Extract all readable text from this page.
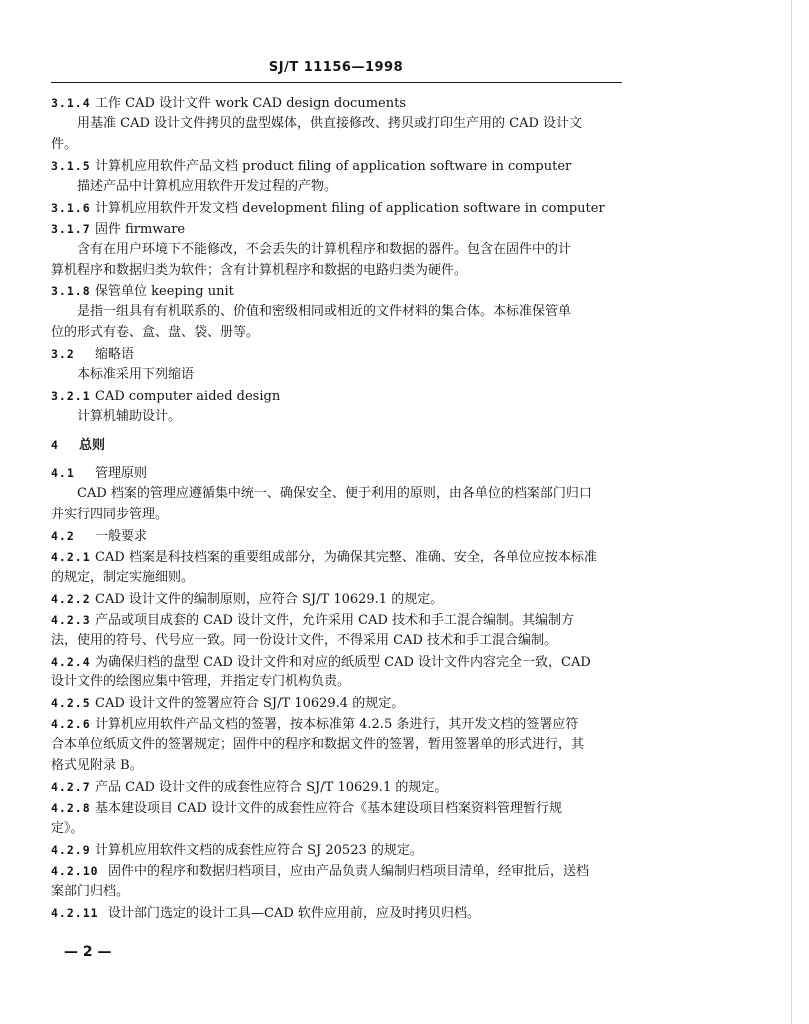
SJ/T 11156—1998
3.1.4 工作 CAD 设计文件 work CAD design documents
用基准 CAD 设计文件拷贝的盘型媒体，供直接修改、拷贝或打印生产用的 CAD 设计文
件。
3.1.5 计算机应用软件产品文档 product filing of application software in computer
描述产品中计算机应用软件开发过程的产物。
3.1.6 计算机应用软件开发文档 development filing of application software in computer
3.1.7 固件 firmware
含有在用户环境下不能修改，不会丢失的计算机程序和数据的器件。包含在固件中的计
算机程序和数据归类为软件；含有计算机程序和数据的电路归类为硬件。
3.1.8 保管单位 keeping unit
是指一组具有有机联系的、价值和密级相同或相近的文件材料的集合体。本标准保管单
位的形式有卷、盒、盘、袋、册等。
3.2 缩略语
本标准采用下列缩语
3.2.1 CAD computer aided design
计算机辅助设计。
4 总则
4.1 管理原则
CAD 档案的管理应遵循集中统一、确保安全、便于利用的原则，由各单位的档案部门归口
并实行四同步管理。
4.2 一般要求
4.2.1 CAD 档案是科技档案的重要组成部分，为确保其完整、准确、安全，各单位应按本标准
的规定，制定实施细则。
4.2.2 CAD 设计文件的编制原则，应符合 SJ/T 10629.1 的规定。
4.2.3 产品或项目成套的 CAD 设计文件，允许采用 CAD 技术和手工混合编制。其编制方
法，使用的符号、代号应一致。同一份设计文件，不得采用 CAD 技术和手工混合编制。
4.2.4 为确保归档的盘型 CAD 设计文件和对应的纸质型 CAD 设计文件内容完全一致，CAD
设计文件的绘图应集中管理，并指定专门机构负责。
4.2.5 CAD 设计文件的签署应符合 SJ/T 10629.4 的规定。
4.2.6 计算机应用软件产品文档的签署，按本标准第 4.2.5 条进行，其开发文档的签署应符
合本单位纸质文件的签署规定；固件中的程序和数据文件的签署，暂用签署单的形式进行，其
格式见附录 B。
4.2.7 产品 CAD 设计文件的成套性应符合 SJ/T 10629.1 的规定。
4.2.8 基本建设项目 CAD 设计文件的成套性应符合《基本建设项目档案资料管理暂行规
定》。
4.2.9 计算机应用软件文档的成套性应符合 SJ 20523 的规定。
4.2.10 固件中的程序和数据归档项目，应由产品负责人编制归档项目清单，经审批后，送档
案部门归档。
4.2.11 设计部门选定的设计工具—CAD 软件应用前，应及时拷贝归档。
— 2 —
